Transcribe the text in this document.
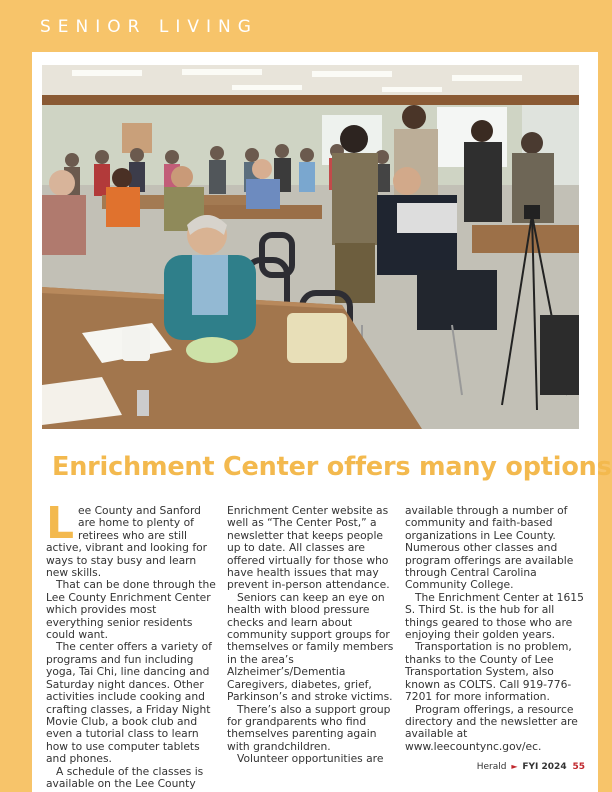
SENIOR LIVING
Enrichment Center offers many options

Lee County and Sanford are home to plenty of retirees who are still active, vibrant and looking for ways to stay busy and learn new skills.

That can be done through the Lee County Enrichment Center which provides most everything senior residents could want.

The center offers a variety of programs and fun including yoga, Tai Chi, line dancing and Saturday night dances. Other activities include cooking and crafting classes, a Friday Night Movie Club, a book club and even a tutorial class to learn how to use computer tablets and phones.

A schedule of the classes is available on the Lee County

Enrichment Center website as well as “The Center Post,” a newsletter that keeps people up to date. All classes are offered virtually for those who have health issues that may prevent in-person attendance.

Seniors can keep an eye on health with blood pressure checks and learn about community support groups for themselves or family members in the area’s Alzheimer’s/Dementia Caregivers, diabetes, grief, Parkinson’s and stroke victims.

There’s also a support group for grandparents who find themselves parenting again with grandchildren.

Volunteer opportunities are

available through a number of community and faith-based organizations in Lee County. Numerous other classes and program offerings are available through Central Carolina Community College.

The Enrichment Center at 1615 S. Third St. is the hub for all things geared to those who are enjoying their golden years.

Transportation is no problem, thanks to the County of Lee Transportation System, also known as COLTS. Call 919-776-7201 for more information.

Program offerings, a resource directory and the newsletter are available at www.leecountync.gov/ec.

Herald ► FYI 2024 55
